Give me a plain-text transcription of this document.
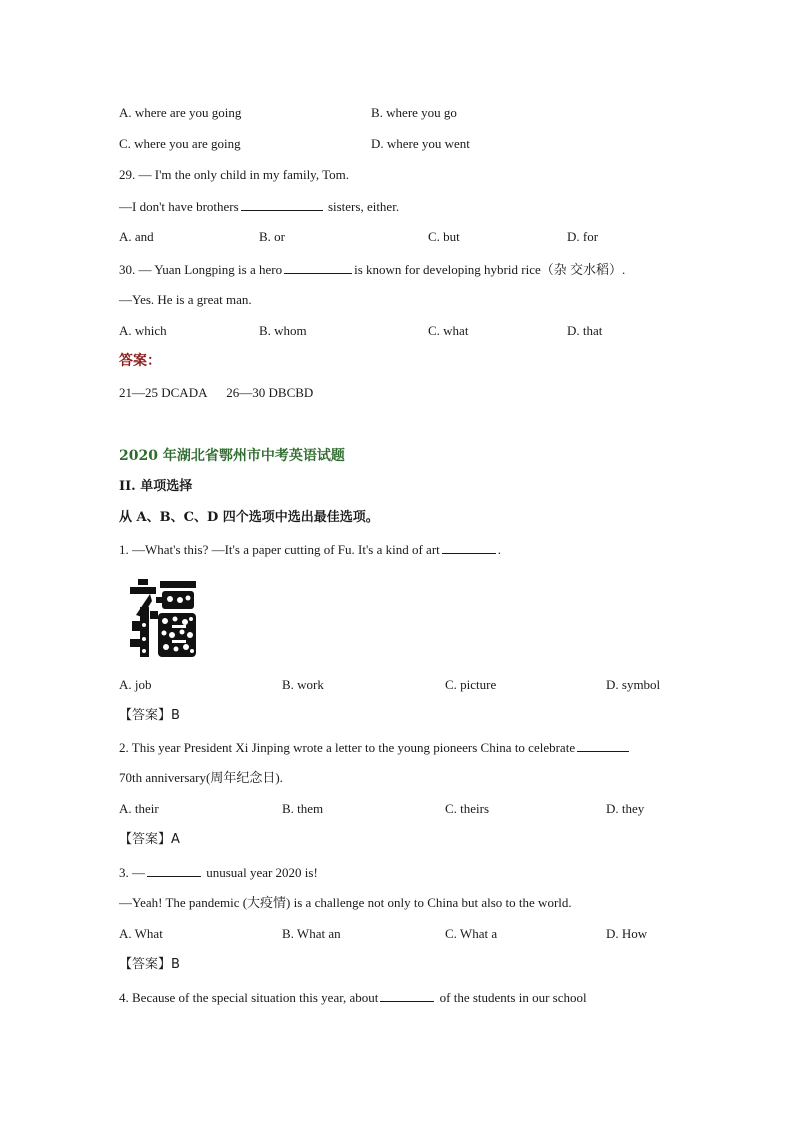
A. where are you going	B. where you go
C. where you are going	D. where you went
29. — I'm the only child in my family, Tom.
—I don't have brothers	sisters, either.
A. and	B. or	C. but	D. for
30. — Yuan Longping is a hero	is known for developing hybrid rice（杂 交水稻）.
—Yes. He is a great man.
A. which	B. whom	C. what	D. that
答案：
21—25 DCADA      26—30 DBCBD
2020 年湖北省鄂州市中考英语试题
II. 单项选择
从 A、B、C、D 四个选项中选出最佳选项。
1. —What's this? —It's a paper cutting of Fu. It's a kind of art	.
A. job	B. work	C. picture	D. symbol
【答案】B
2. This year President Xi Jinping wrote a letter to the young pioneers China to celebrate
70th anniversary(周年纪念日).
A. their	B. them	C. theirs	D. they
【答案】A
3. —	unusual year 2020 is!
—Yeah! The pandemic (大疫情) is a challenge not only to China but also to the world.
A. What	B. What an	C. What a	D. How
【答案】B
4. Because of the special situation this year, about	of the students in our school
